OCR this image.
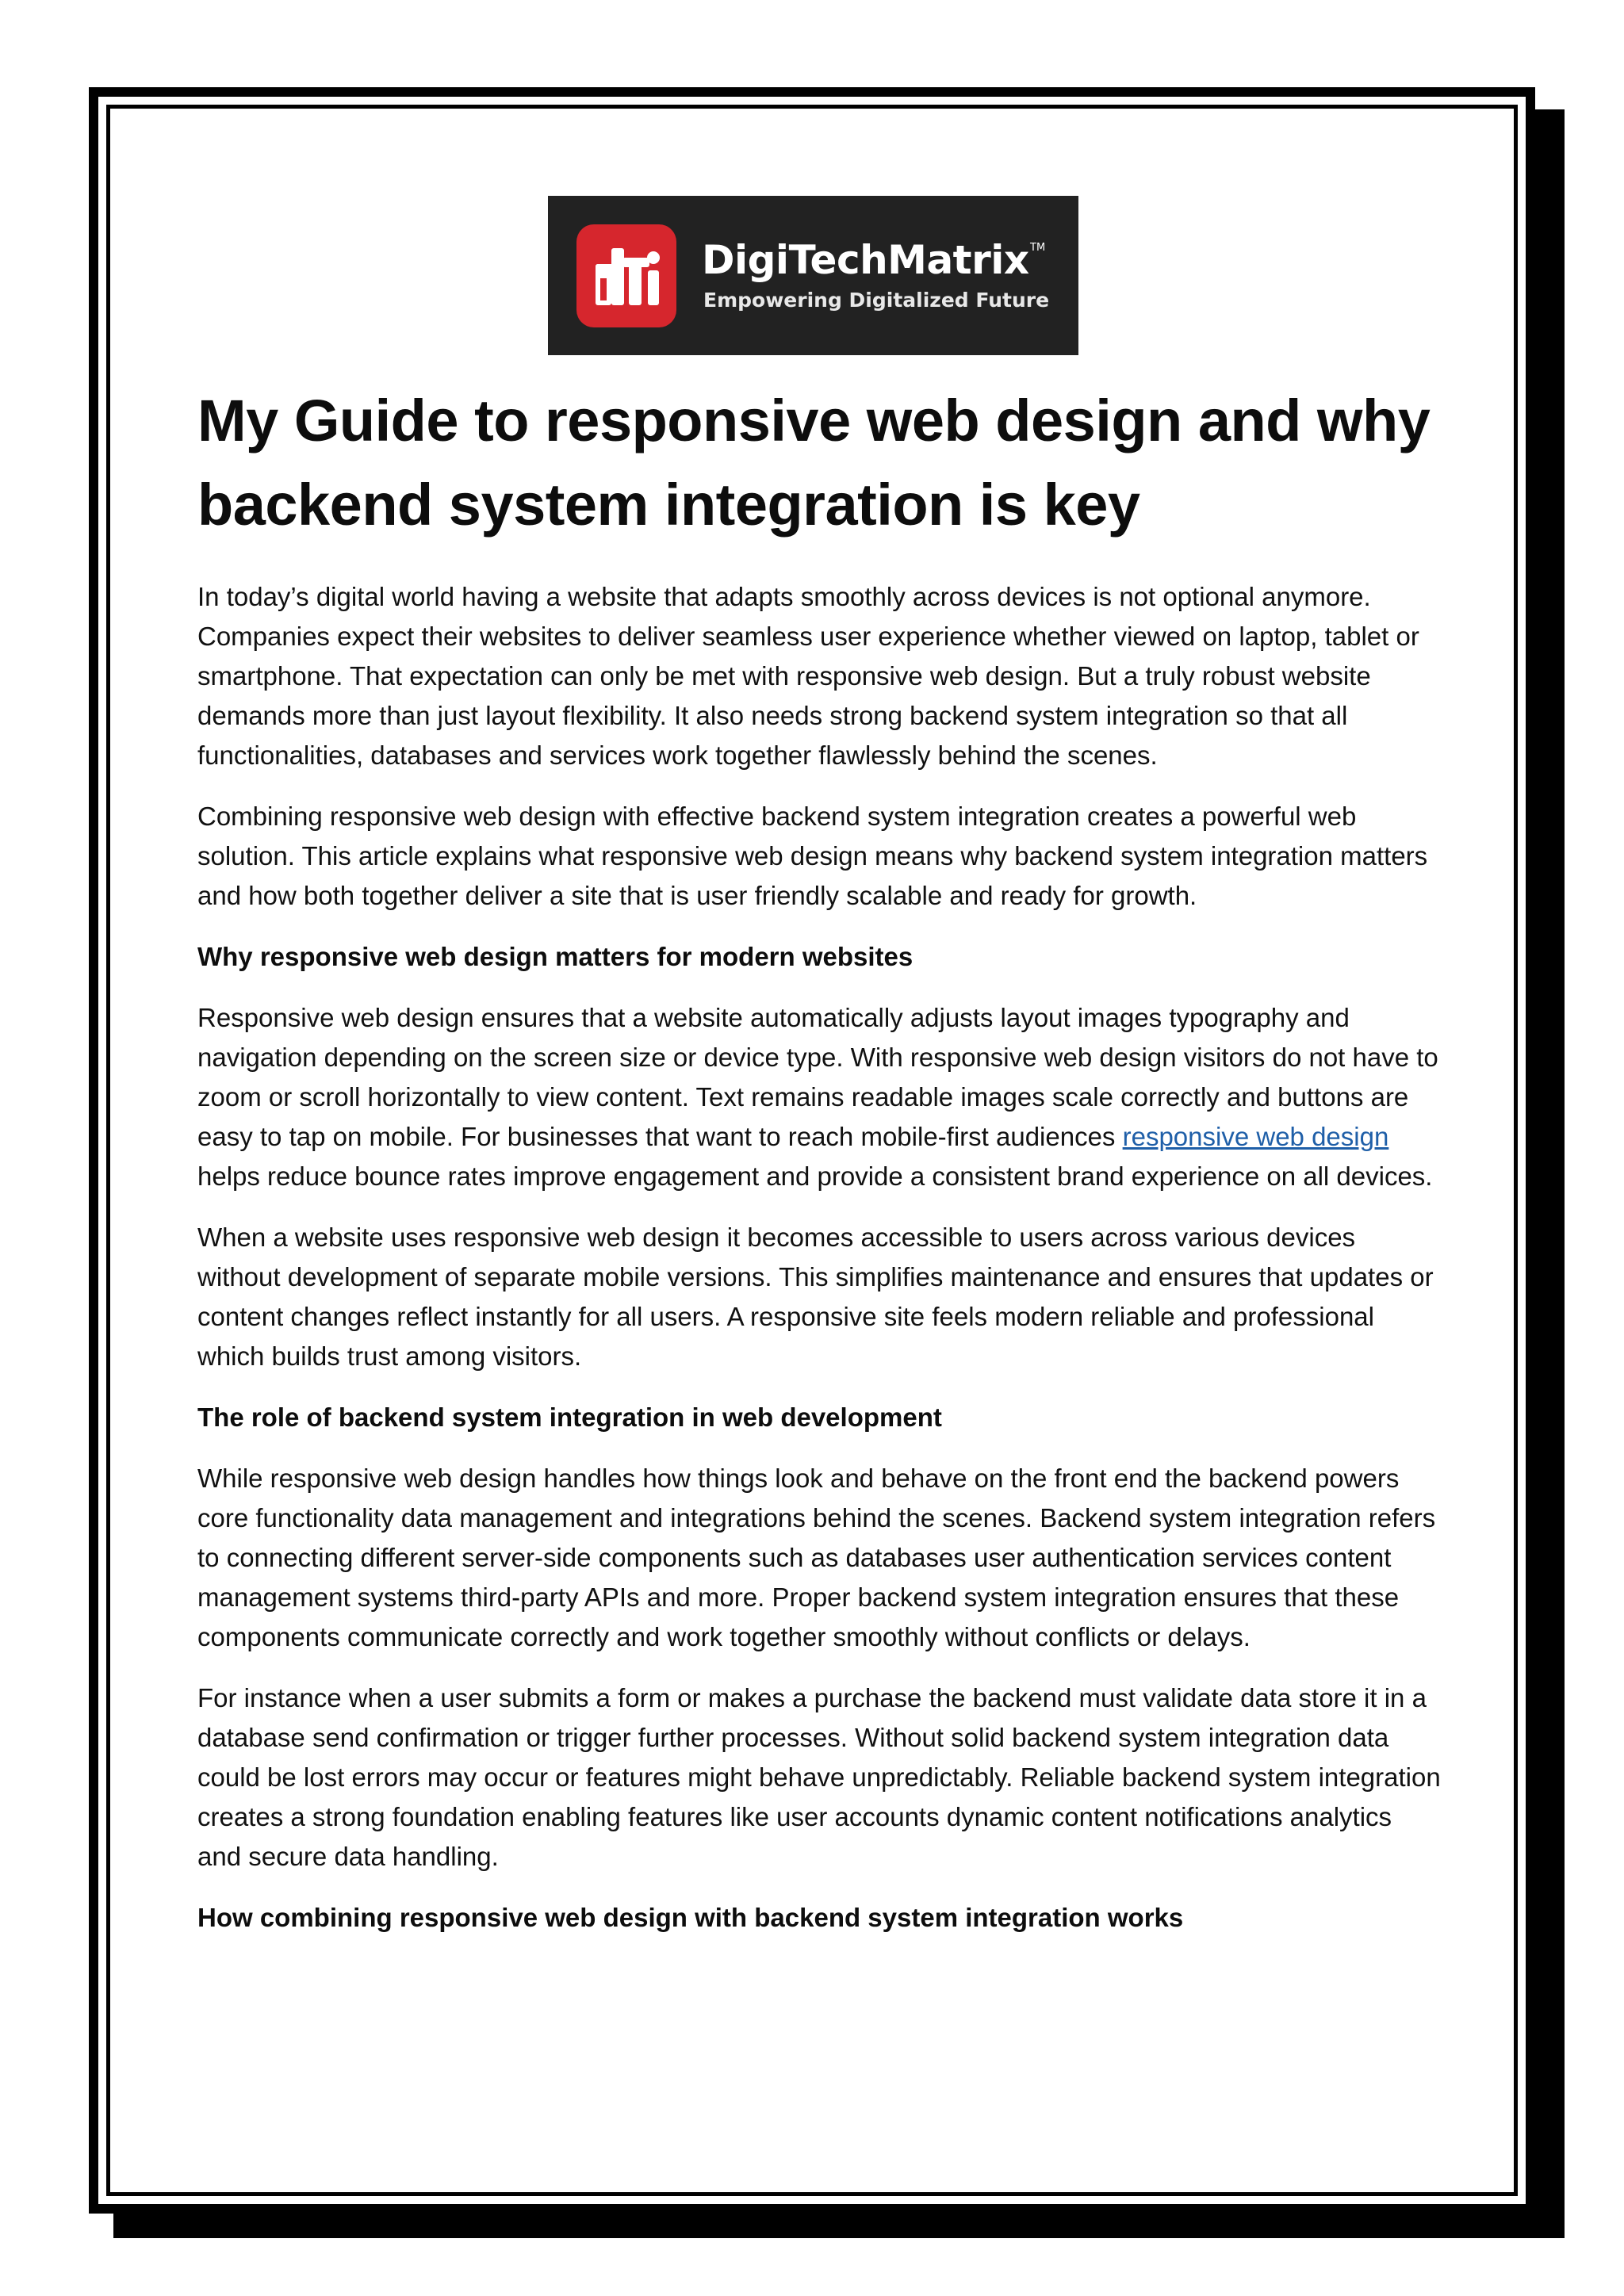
DigiTechMatrix TM
Empowering Digitalized Future
My Guide to responsive web design and why backend system integration is key

In today’s digital world having a website that adapts smoothly across devices is not optional anymore. Companies expect their websites to deliver seamless user experience whether viewed on laptop, tablet or smartphone. That expectation can only be met with responsive web design. But a truly robust website demands more than just layout flexibility. It also needs strong backend system integration so that all functionalities, databases and services work together flawlessly behind the scenes.

Combining responsive web design with effective backend system integration creates a powerful web solution. This article explains what responsive web design means why backend system integration matters and how both together deliver a site that is user friendly scalable and ready for growth.

Why responsive web design matters for modern websites

Responsive web design ensures that a website automatically adjusts layout images typography and navigation depending on the screen size or device type. With responsive web design visitors do not have to zoom or scroll horizontally to view content. Text remains readable images scale correctly and buttons are easy to tap on mobile. For businesses that want to reach mobile-first audiences responsive web design helps reduce bounce rates improve engagement and provide a consistent brand experience on all devices.

When a website uses responsive web design it becomes accessible to users across various devices without development of separate mobile versions. This simplifies maintenance and ensures that updates or content changes reflect instantly for all users. A responsive site feels modern reliable and professional which builds trust among visitors.

The role of backend system integration in web development

While responsive web design handles how things look and behave on the front end the backend powers core functionality data management and integrations behind the scenes. Backend system integration refers to connecting different server-side components such as databases user authentication services content management systems third-party APIs and more. Proper backend system integration ensures that these components communicate correctly and work together smoothly without conflicts or delays.

For instance when a user submits a form or makes a purchase the backend must validate data store it in a database send confirmation or trigger further processes. Without solid backend system integration data could be lost errors may occur or features might behave unpredictably. Reliable backend system integration creates a strong foundation enabling features like user accounts dynamic content notifications analytics and secure data handling.

How combining responsive web design with backend system integration works
